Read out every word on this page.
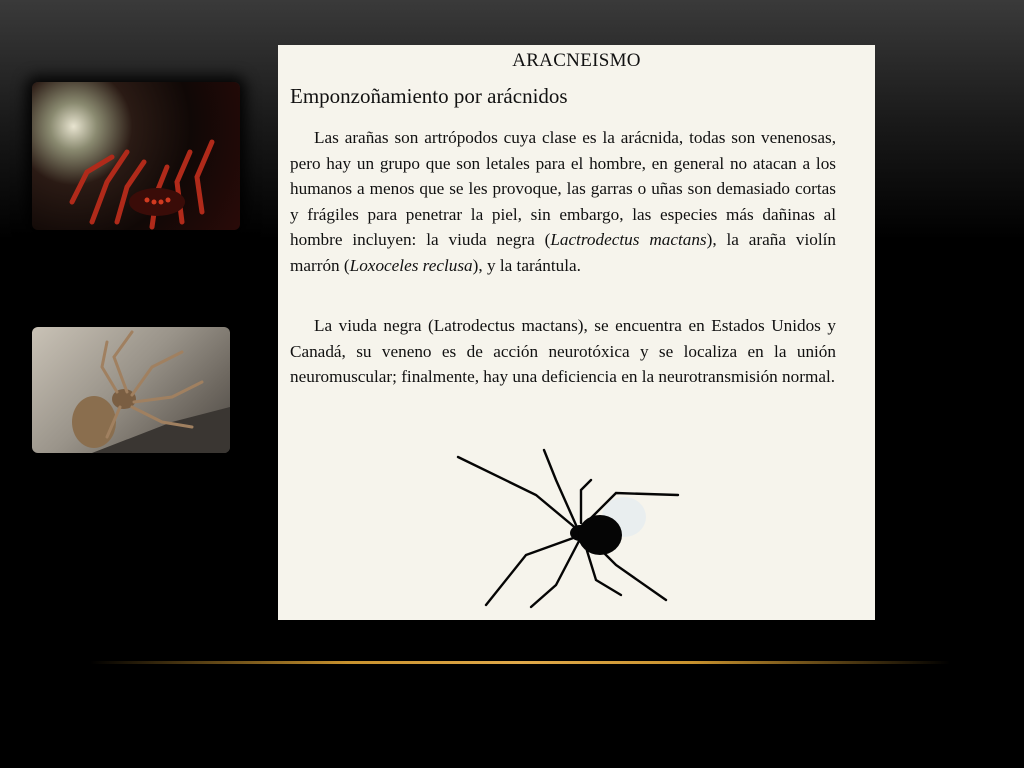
ARACNEISMO
Emponzoñamiento por arácnidos

Las arañas son artrópodos cuya clase es la arácnida, todas son venenosas, pero hay un grupo que son letales para el hombre, en general no atacan a los humanos a menos que se les provoque, las garras o uñas son demasiado cortas y frágiles para penetrar la piel, sin embargo, las especies más dañinas al hombre incluyen: la viuda negra (Lactrodectus mactans), la araña violín marrón (Loxoceles reclusa), y la tarántula.

La viuda negra (Latrodectus mactans), se encuentra en Estados Unidos y Canadá, su veneno es de acción neurotóxica y se localiza en la unión neuromuscular; finalmente, hay una deficiencia en la neurotransmisión normal.
